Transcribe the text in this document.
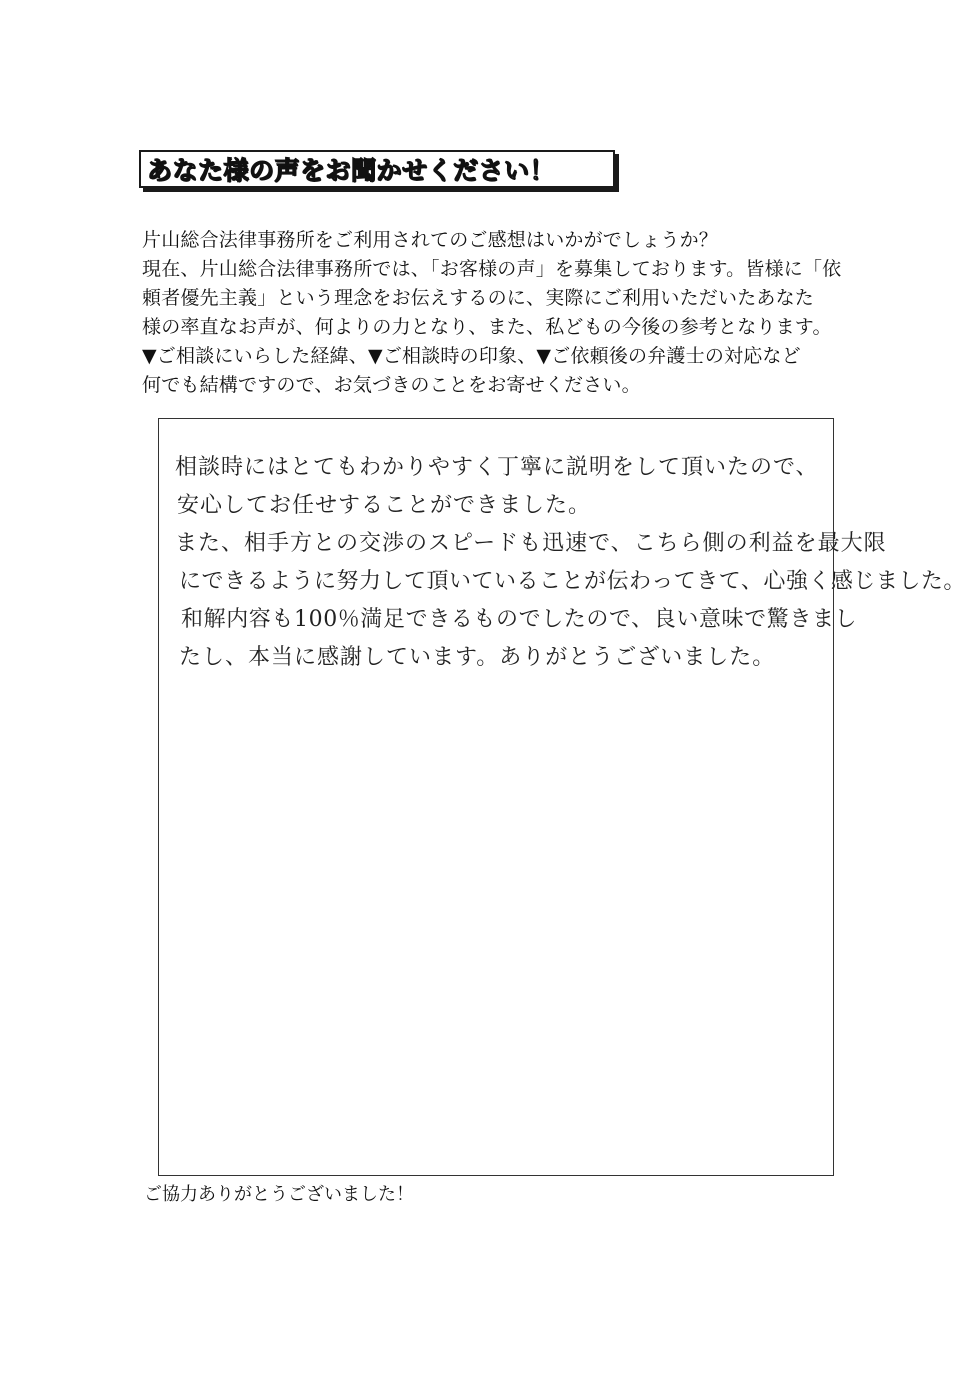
あなた様の声をお聞かせください！
片山総合法律事務所をご利用されてのご感想はいかがでしょうか？
現在、片山総合法律事務所では、「お客様の声」を募集しております。皆様に「依
頼者優先主義」という理念をお伝えするのに、実際にご利用いただいたあなた
様の率直なお声が、何よりの力となり、また、私どもの今後の参考となります。
▼ご相談にいらした経緯、▼ご相談時の印象、▼ご依頼後の弁護士の対応など
何でも結構ですので、お気づきのことをお寄せください。
相談時にはとてもわかりやすく丁寧に説明をして頂いたので、
安心してお任せすることができました。
また、相手方との交渉のスピードも迅速で、こちら側の利益を最大限
にできるように努力して頂いていることが伝わってきて、心強く感じました。
和解内容も100％満足できるものでしたので、良い意味で驚きまし
たし、本当に感謝しています。ありがとうございました。
ご協力ありがとうございました！
